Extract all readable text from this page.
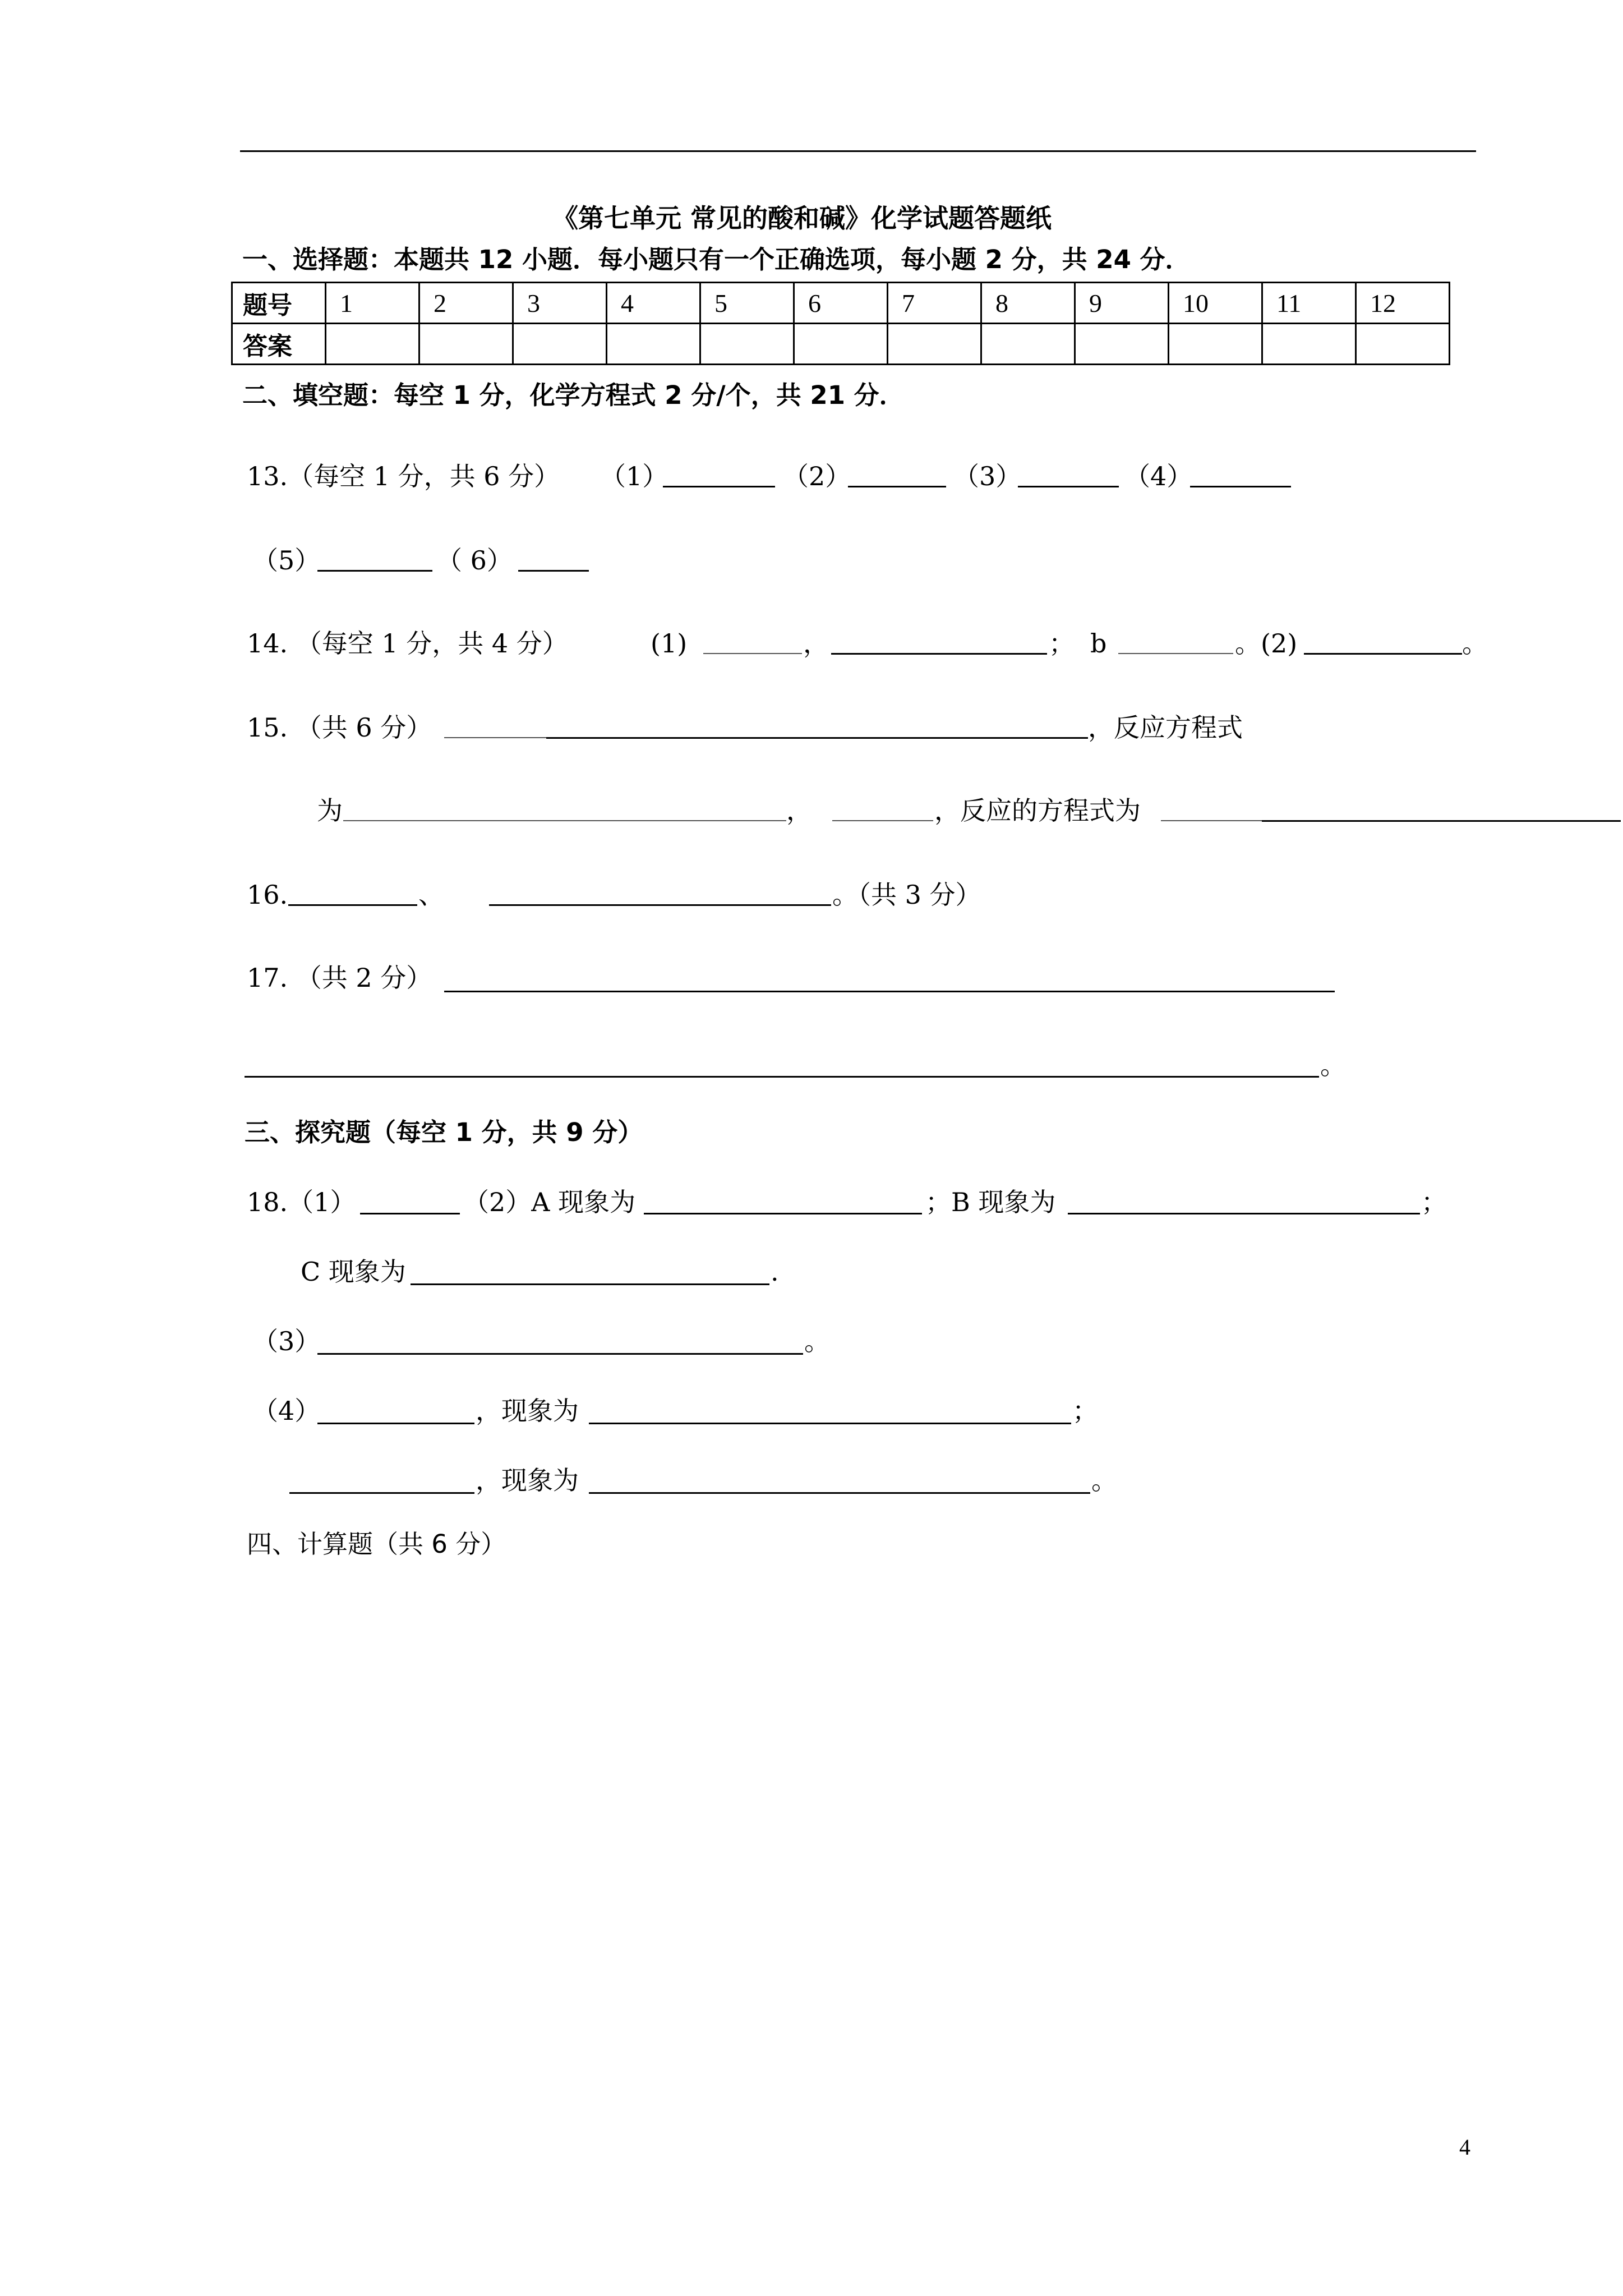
《第七单元 常见的酸和碱》化学试题答题纸
一、选择题：本题共 12 小题．每小题只有一个正确选项，每小题 2 分，共 24 分．
题号	1	2	3	4	5	6	7	8	9	10	11	12
答案												
二、填空题：每空 1 分，化学方程式 2 分/个，共 21 分．
13.（每空 1 分，共 6 分） （1）	（2）	（3）	（4）
（5）	（ 6）
14. （每空 1 分，共 4 分）	(1)	，	； b	。(2)	。
15. （共 6 分）	，反应方程式
为	，	，反应的方程式为
16.	、	。（共 3 分）
17. （共 2 分）
。
三、探究题（每空 1 分，共 9 分）
18.（1）	（2）A 现象为	；B 现象为	；
C 现象为	.
（3）	。
（4）	，现象为	；
，现象为	。
四、计算题（共 6 分）
4
